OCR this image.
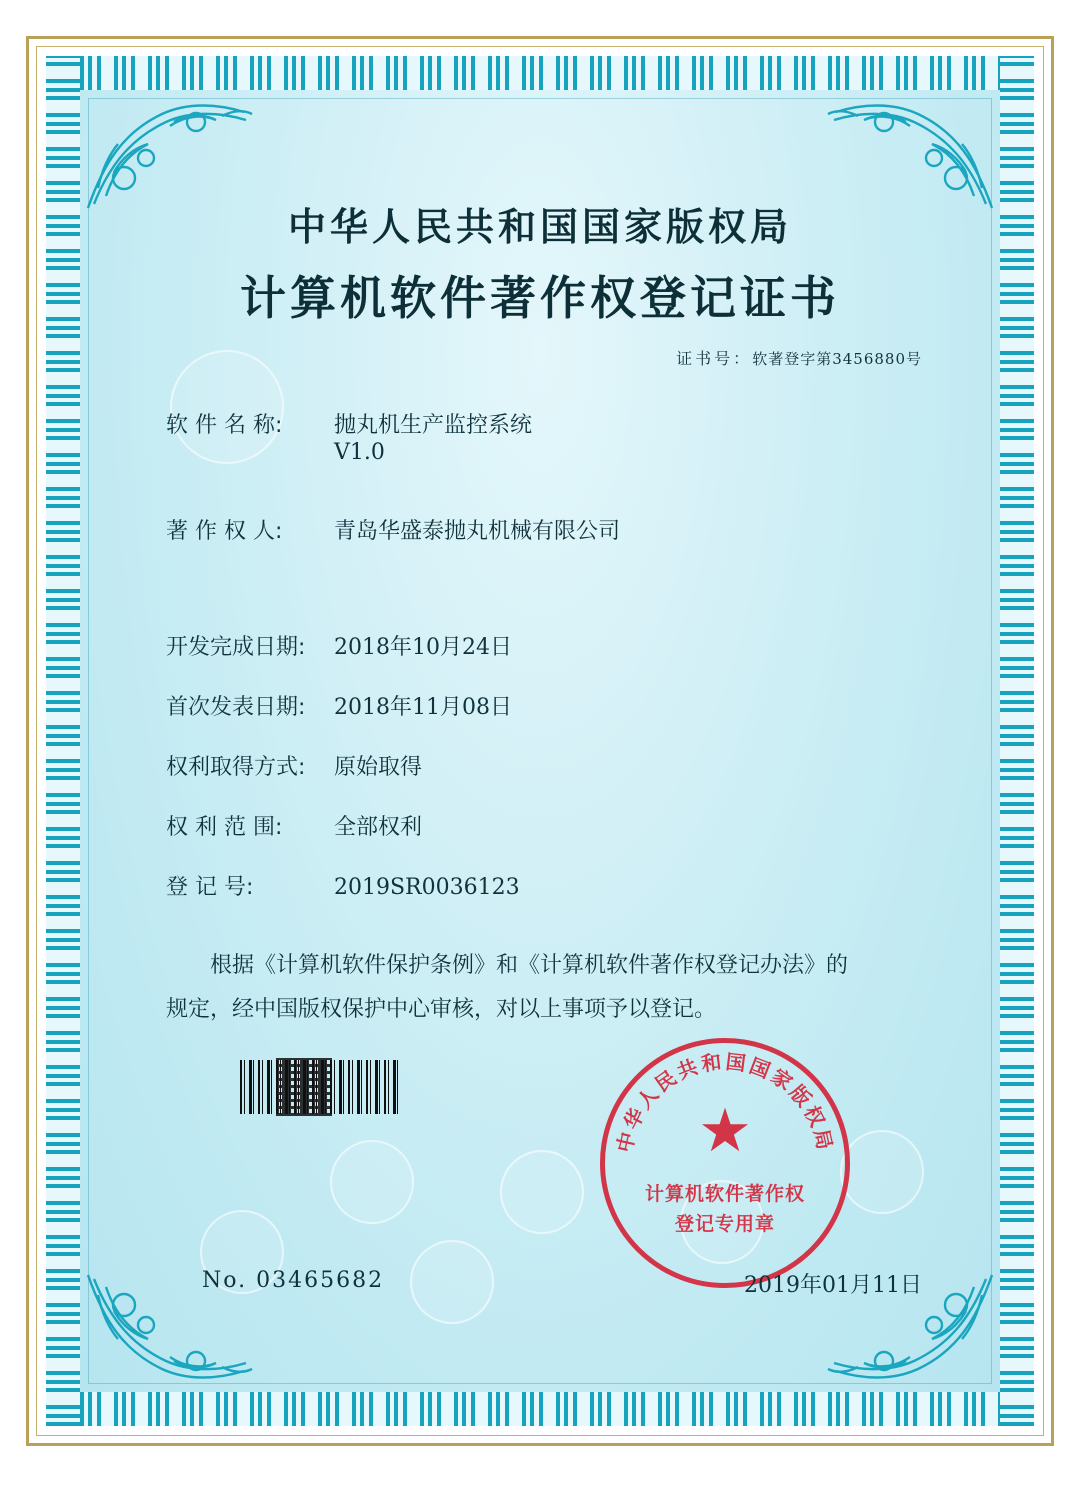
中华人民共和国国家版权局
计算机软件著作权登记证书
证书号：软著登字第3456880号
软 件 名 称: 抛丸机生产监控系统
V1.0
著 作 权 人: 青岛华盛泰抛丸机械有限公司
开发完成日期: 2018年10月24日
首次发表日期: 2018年11月08日
权利取得方式: 原始取得
权 利 范 围: 全部权利
登 记 号:	2019SR0036123
根据《计算机软件保护条例》和《计算机软件著作权登记办法》的
规定，经中国版权保护中心审核，对以上事项予以登记。
中华人民共和国国家版权局
★
计算机软件著作权
登记专用章
No. 03465682	2019年01月11日
